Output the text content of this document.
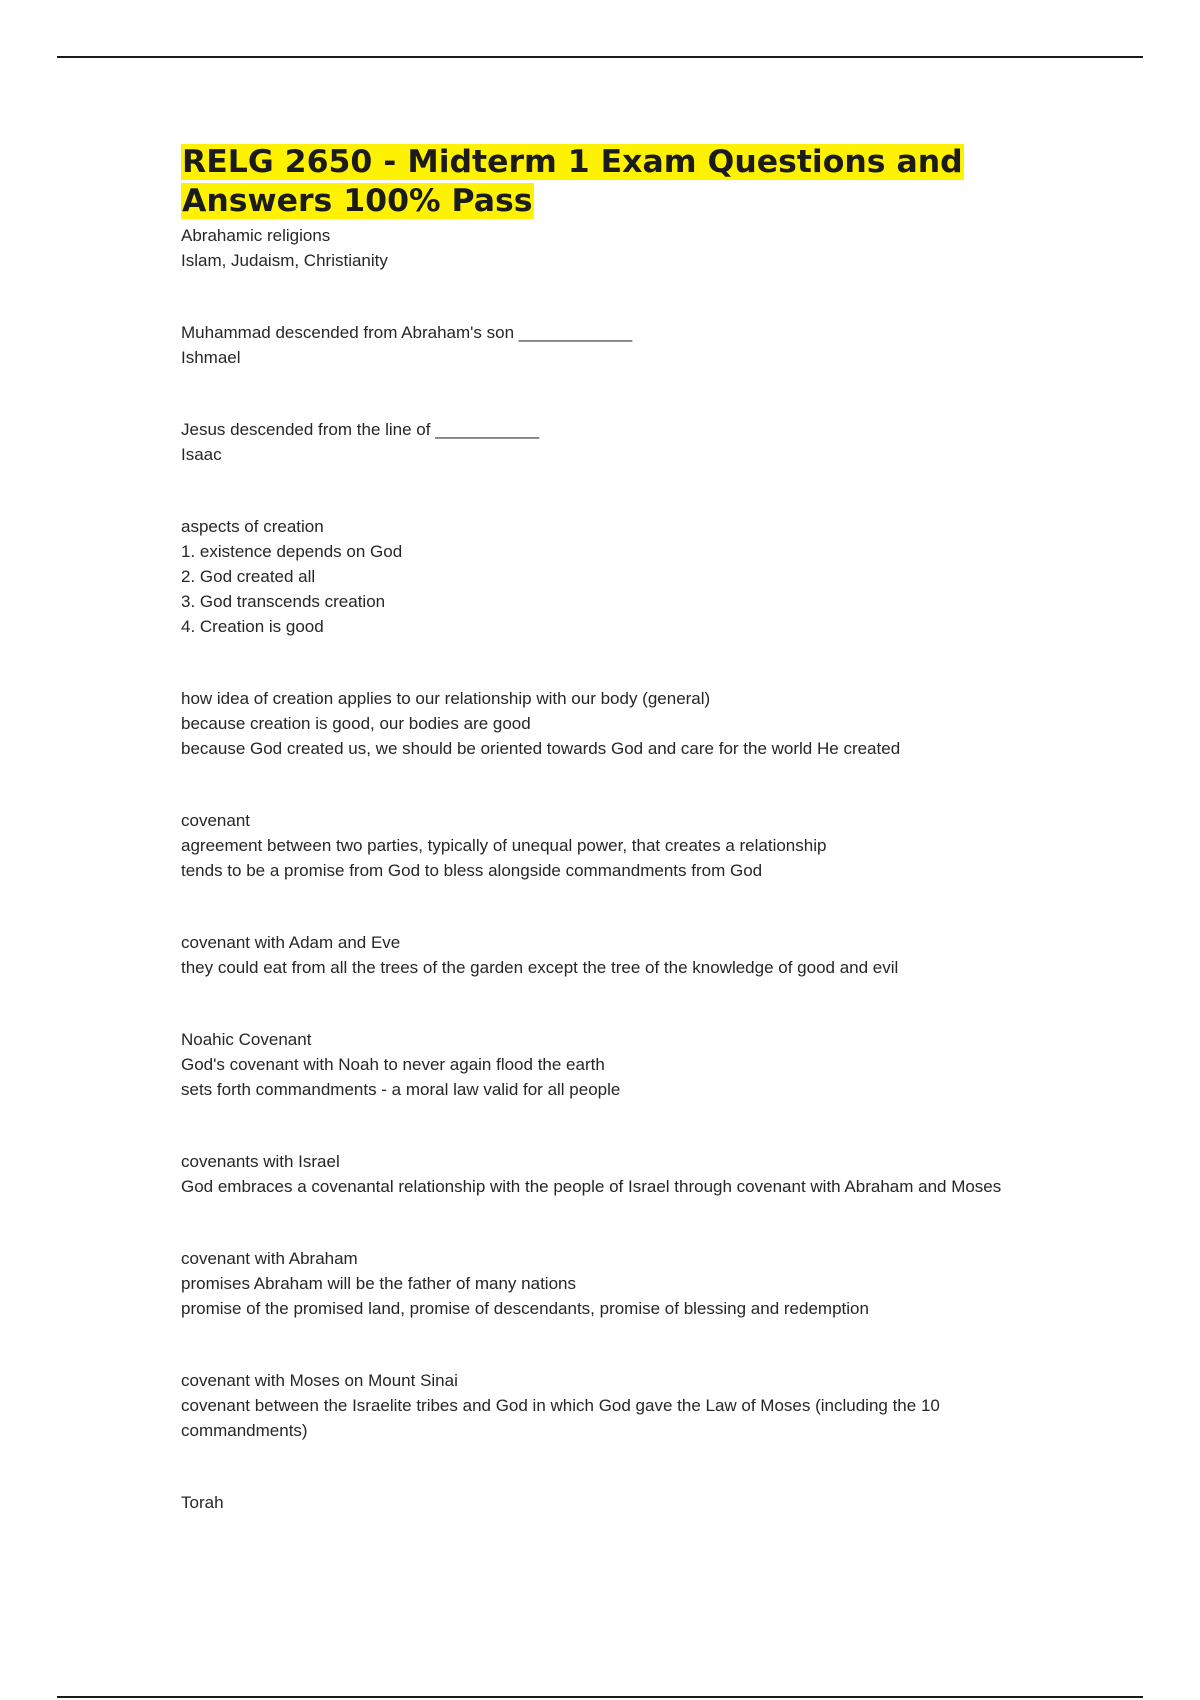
RELG 2650 - Midterm 1 Exam Questions and Answers 100% Pass
Abrahamic religions
Islam, Judaism, Christianity
Muhammad descended from Abraham's son ____________
Ishmael
Jesus descended from the line of ___________
Isaac
aspects of creation
1. existence depends on God
2. God created all
3. God transcends creation
4. Creation is good
how idea of creation applies to our relationship with our body (general)
because creation is good, our bodies are good
because God created us, we should be oriented towards God and care for the world He created
covenant
agreement between two parties, typically of unequal power, that creates a relationship
tends to be a promise from God to bless alongside commandments from God
covenant with Adam and Eve
they could eat from all the trees of the garden except the tree of the knowledge of good and evil
Noahic Covenant
God's covenant with Noah to never again flood the earth
sets forth commandments - a moral law valid for all people
covenants with Israel
God embraces a covenantal relationship with the people of Israel through covenant with Abraham and Moses
covenant with Abraham
promises Abraham will be the father of many nations
promise of the promised land, promise of descendants, promise of blessing and redemption
covenant with Moses on Mount Sinai
covenant between the Israelite tribes and God in which God gave the Law of Moses (including the 10 commandments)
Torah
